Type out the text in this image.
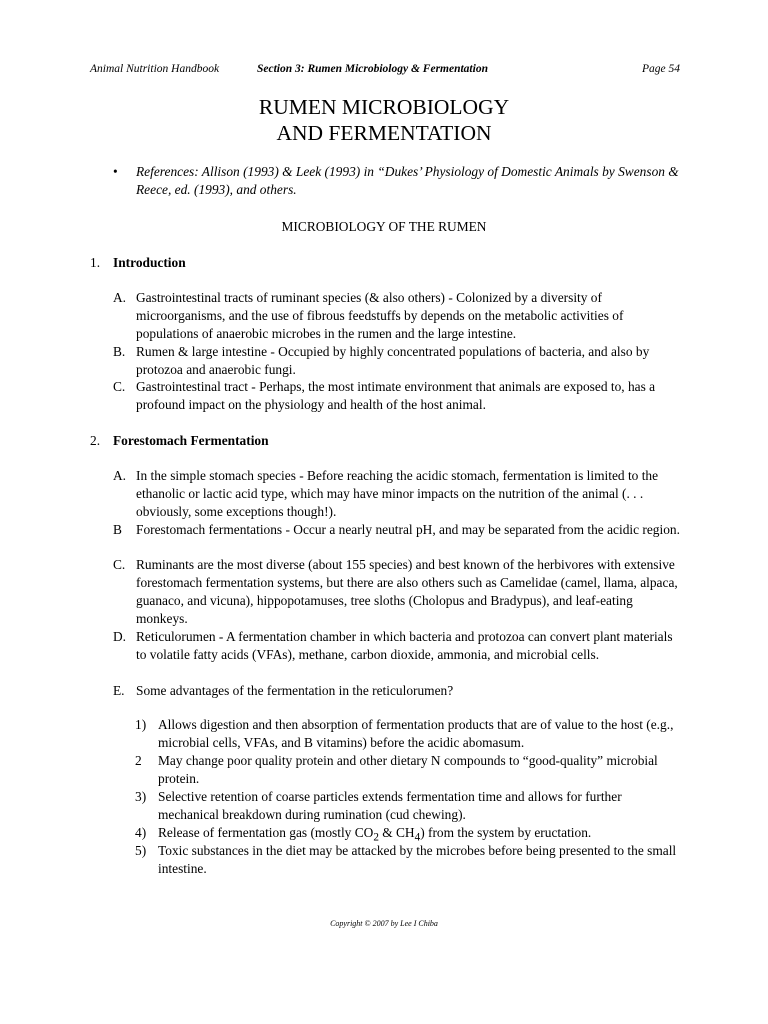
Animal Nutrition Handbook	Section 3: Rumen Microbiology & Fermentation	Page 54
RUMEN MICROBIOLOGY
AND FERMENTATION
• References: Allison (1993) & Leek (1993) in “Dukes’ Physiology of Domestic Animals by Swenson & Reece, ed. (1993), and others.
MICROBIOLOGY OF THE RUMEN
1. Introduction
A. Gastrointestinal tracts of ruminant species (& also others) - Colonized by a diversity of microorganisms, and the use of fibrous feedstuffs by depends on the metabolic activities of populations of anaerobic microbes in the rumen and the large intestine.
B. Rumen & large intestine - Occupied by highly concentrated populations of bacteria, and also by protozoa and anaerobic fungi.
C. Gastrointestinal tract - Perhaps, the most intimate environment that animals are exposed to, has a profound impact on the physiology and health of the host animal.
2. Forestomach Fermentation
A. In the simple stomach species - Before reaching the acidic stomach, fermentation is limited to the ethanolic or lactic acid type, which may have minor impacts on the nutrition of the animal (. . . obviously, some exceptions though!).
B Forestomach fermentations - Occur a nearly neutral pH, and may be separated from the acidic region.
C. Ruminants are the most diverse (about 155 species) and best known of the herbivores with extensive forestomach fermentation systems, but there are also others such as Camelidae (camel, llama, alpaca, guanaco, and vicuna), hippopotamuses, tree sloths (Cholopus and Bradypus), and leaf-eating monkeys.
D. Reticulorumen - A fermentation chamber in which bacteria and protozoa can convert plant materials to volatile fatty acids (VFAs), methane, carbon dioxide, ammonia, and microbial cells.
E. Some advantages of the fermentation in the reticulorumen?
1) Allows digestion and then absorption of fermentation products that are of value to the host (e.g., microbial cells, VFAs, and B vitamins) before the acidic abomasum.
2 May change poor quality protein and other dietary N compounds to “good-quality” microbial protein.
3) Selective retention of coarse particles extends fermentation time and allows for further mechanical breakdown during rumination (cud chewing).
4) Release of fermentation gas (mostly $CO_2$ & $CH_4$) from the system by eructation.
5) Toxic substances in the diet may be attacked by the microbes before being presented to the small intestine.
Copyright © 2007 by Lee I Chiba
